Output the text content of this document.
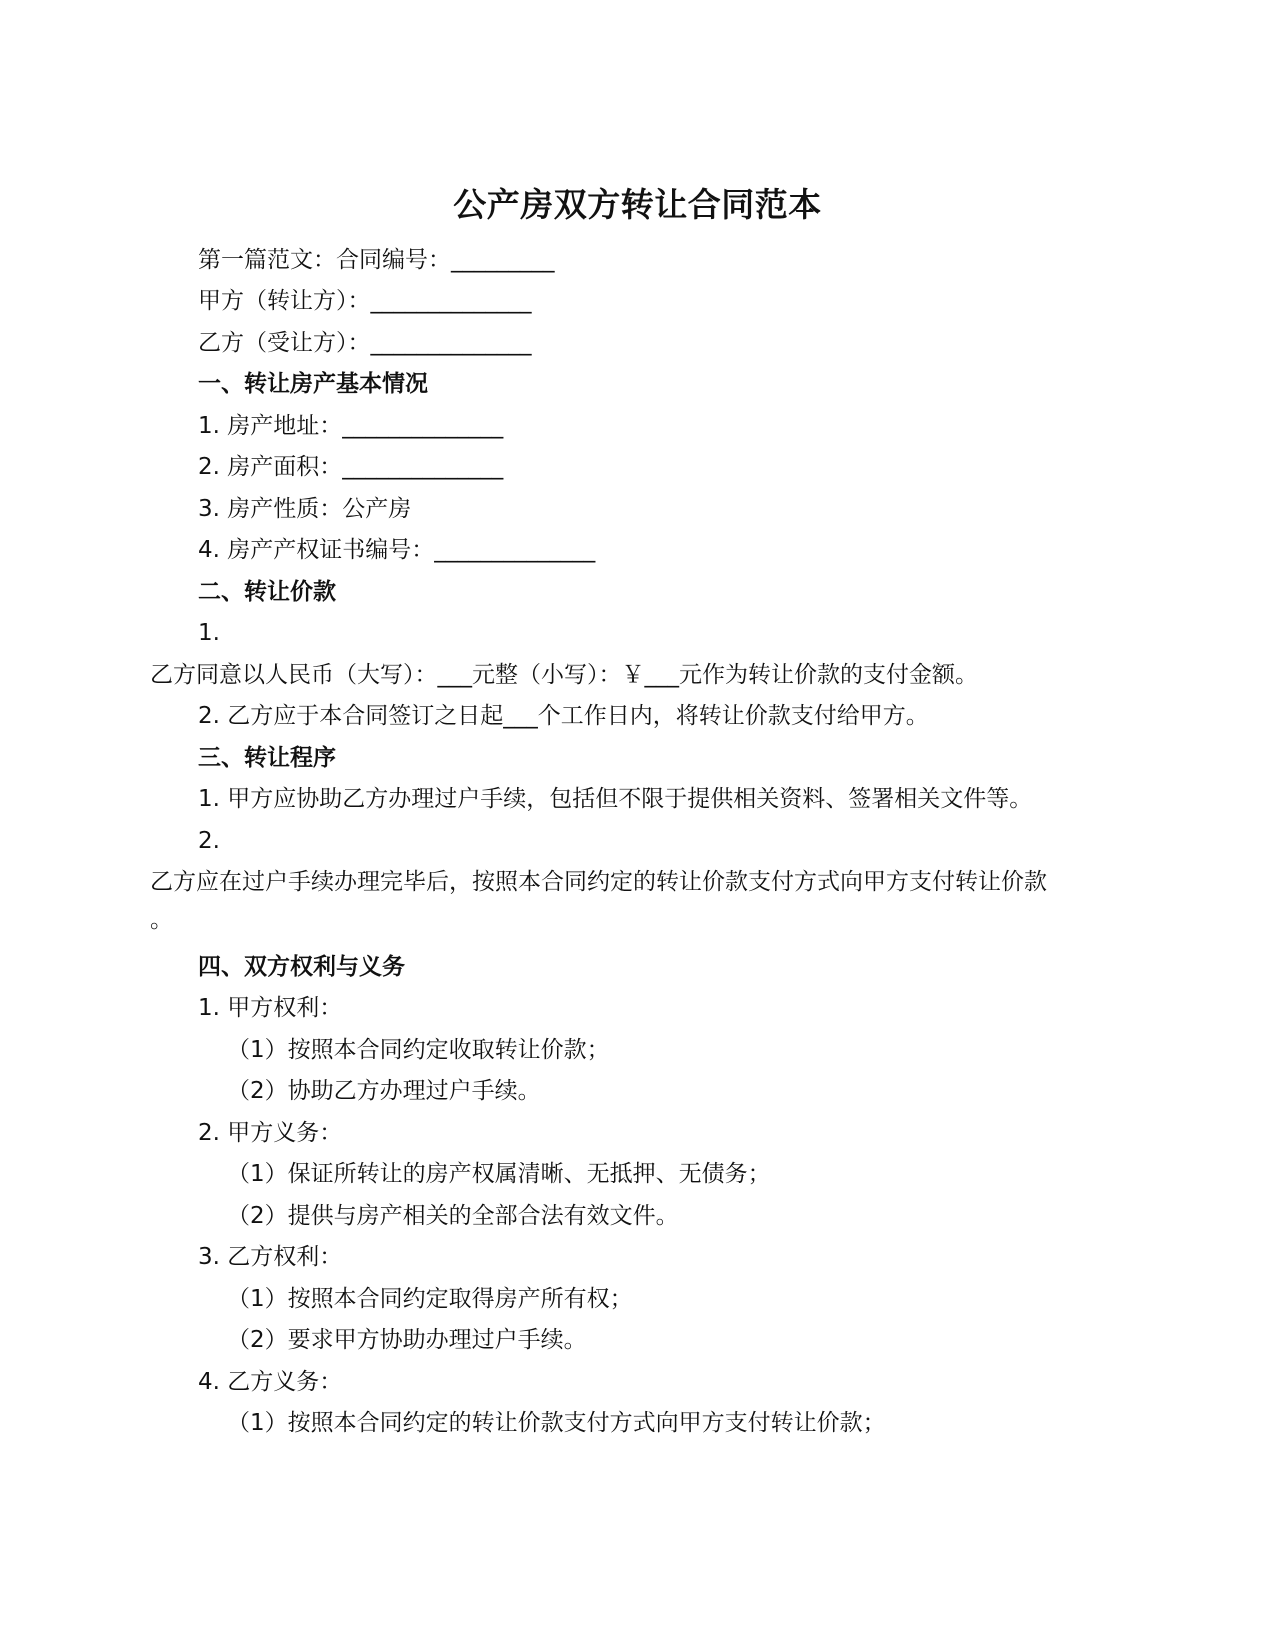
公产房双方转让合同范本
第一篇范文：合同编号：_________
甲方（转让方）：______________
乙方（受让方）：______________
一、转让房产基本情况
1. 房产地址：______________
2. 房产面积：______________
3. 房产性质：公产房
4. 房产产权证书编号：______________
二、转让价款
1.
乙方同意以人民币（大写）：___元整（小写）：￥___元作为转让价款的支付金额。
2. 乙方应于本合同签订之日起___个工作日内，将转让价款支付给甲方。
三、转让程序
1. 甲方应协助乙方办理过户手续，包括但不限于提供相关资料、签署相关文件等。
2.
乙方应在过户手续办理完毕后，按照本合同约定的转让价款支付方式向甲方支付转让价款
。
四、双方权利与义务
1. 甲方权利：
（1）按照本合同约定收取转让价款；
（2）协助乙方办理过户手续。
2. 甲方义务：
（1）保证所转让的房产权属清晰、无抵押、无债务；
（2）提供与房产相关的全部合法有效文件。
3. 乙方权利：
（1）按照本合同约定取得房产所有权；
（2）要求甲方协助办理过户手续。
4. 乙方义务：
（1）按照本合同约定的转让价款支付方式向甲方支付转让价款；
